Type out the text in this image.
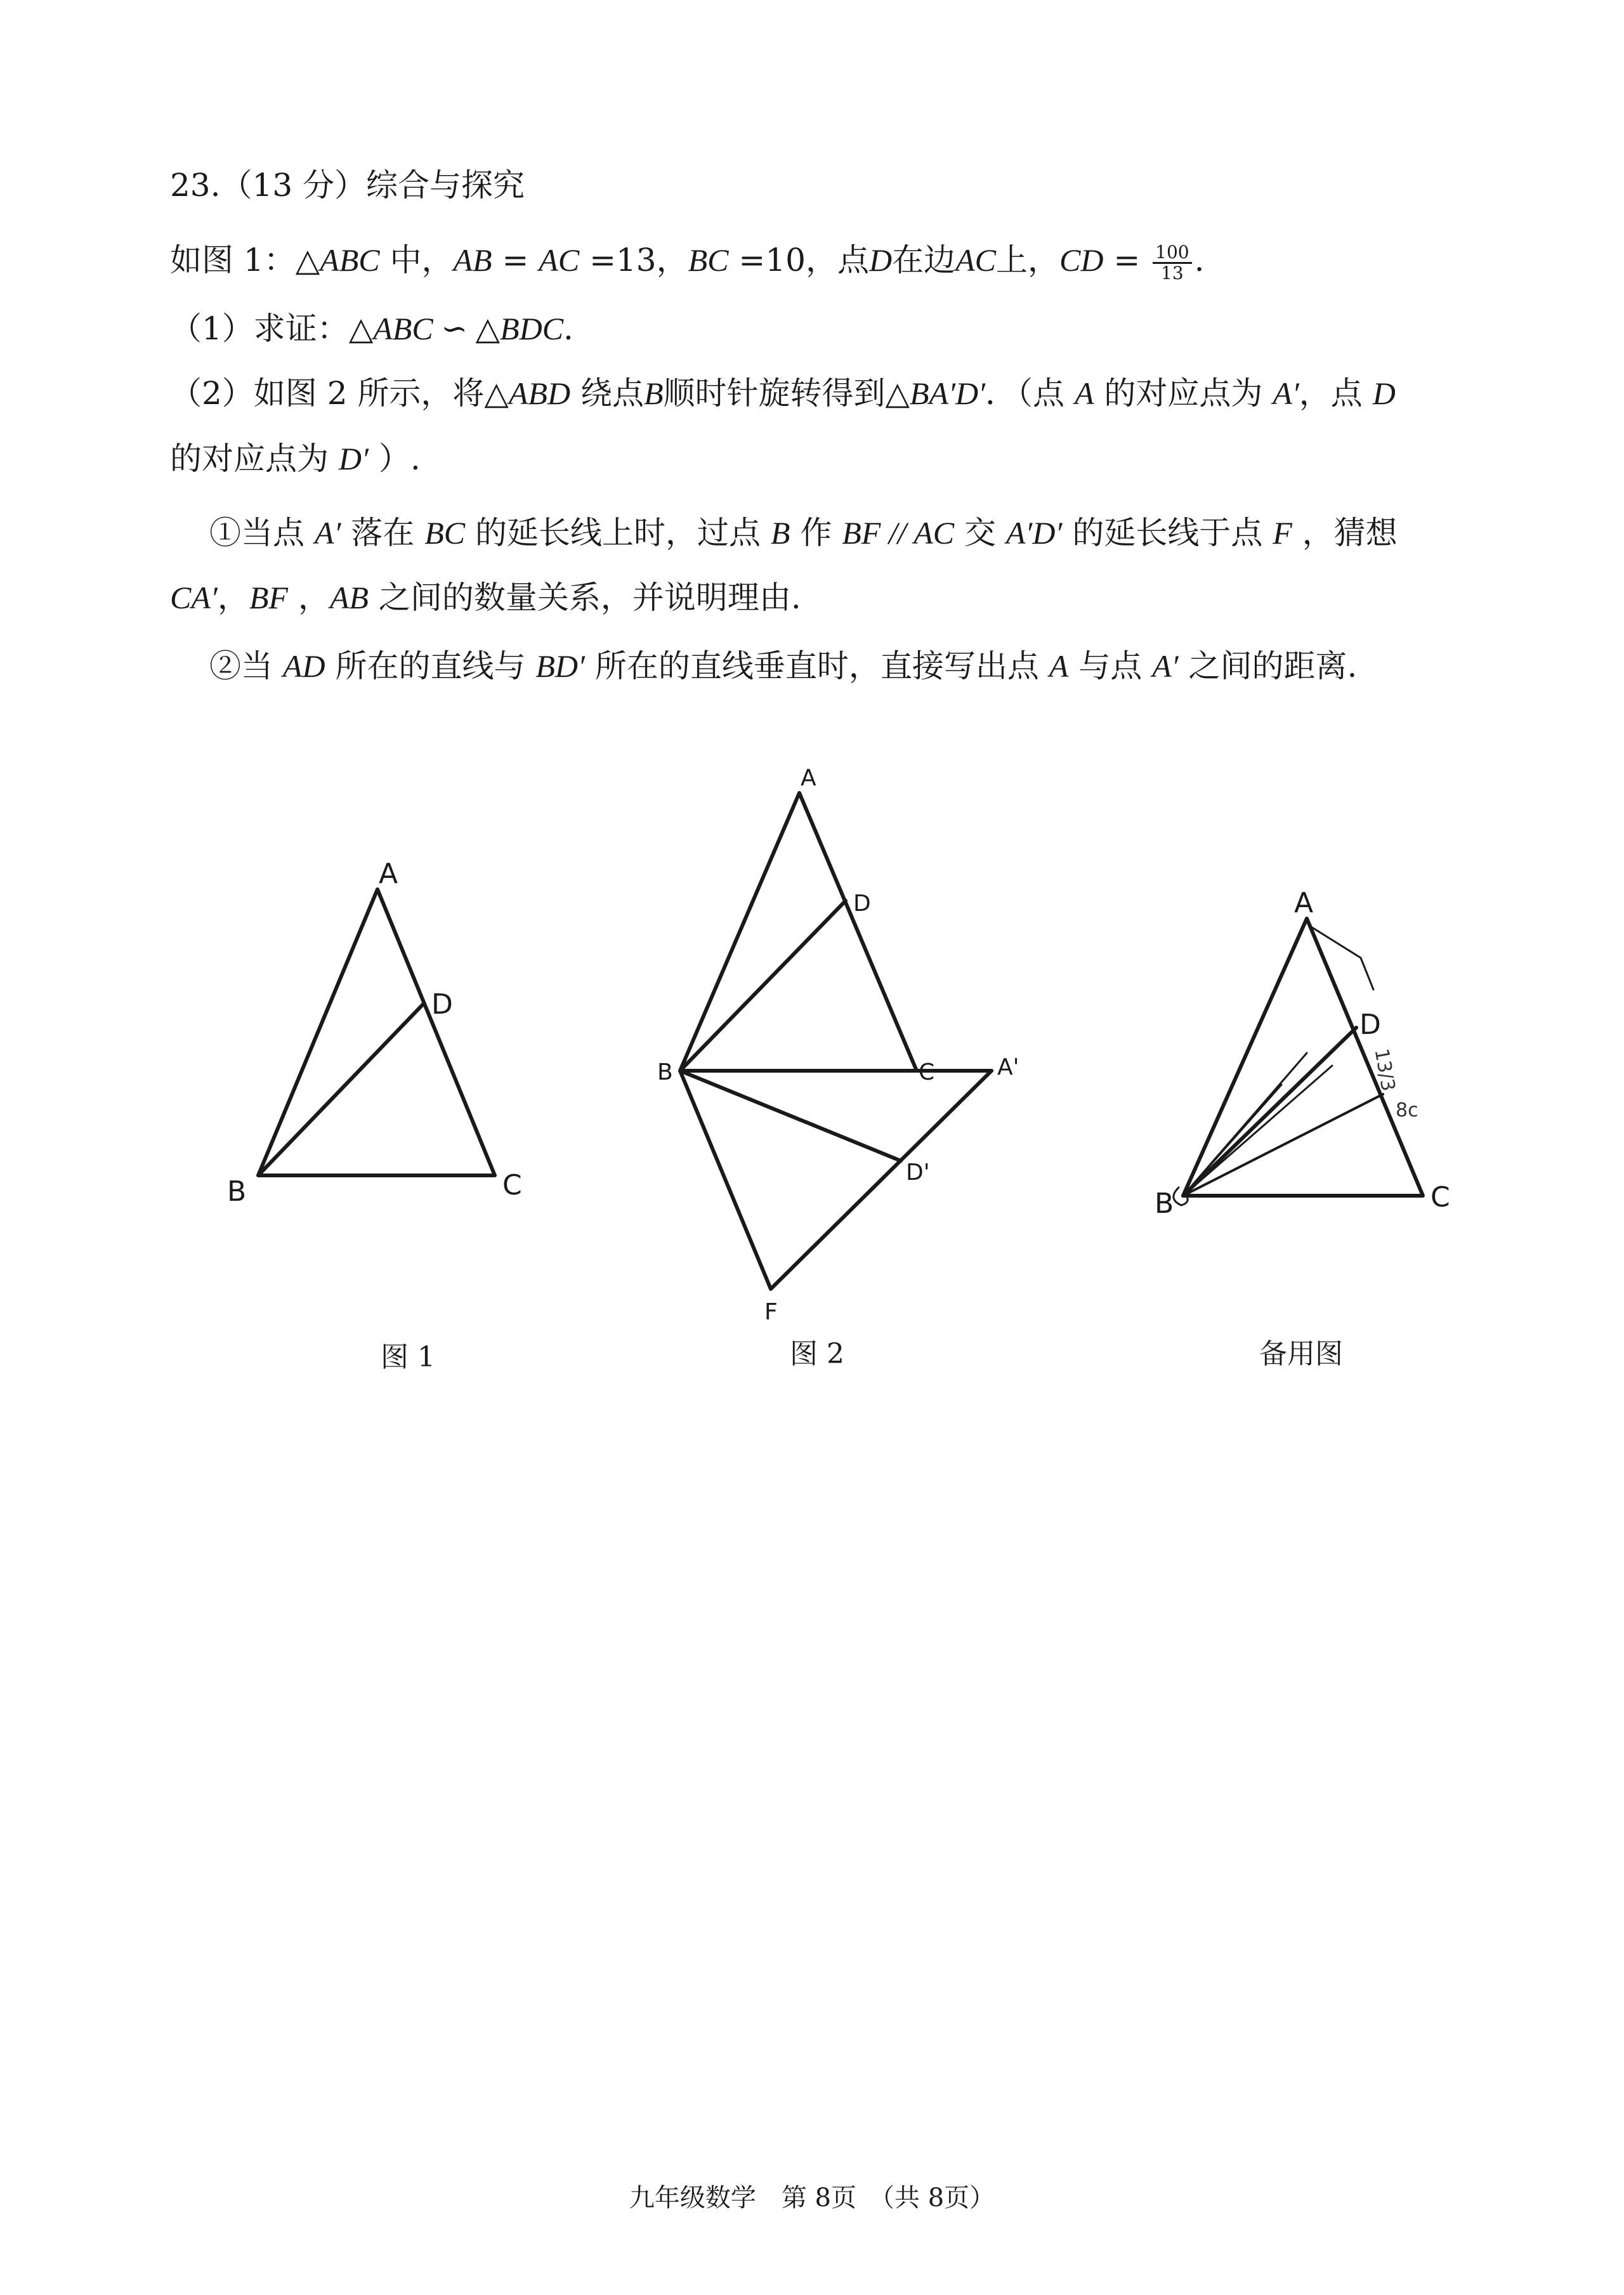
23.（13 分）综合与探究
如图 1：△ABC 中，AB = AC =13，BC =10，点D在边AC上，CD = $\frac{100}{13}$ .
（1）求证：△ABC ∽ △BDC.
（2）如图 2 所示，将△ABD 绕点B顺时针旋转得到△BA′D′．（点 A 的对应点为 A′，点 D
的对应点为 D′ ）.
①当点 A′ 落在 BC 的延长线上时，过点 B 作 BF // AC 交 A′D′ 的延长线于点 F ，猜想
CA′，BF ，AB 之间的数量关系，并说明理由.
②当 AD 所在的直线与 BD′ 所在的直线垂直时，直接写出点 A 与点 A′ 之间的距离.
A
D
B	C
A
D
B	C	A'
D'
F
A
D
B	C
13/3
8c
图 1	图 2	备用图
九年级数学　第 8页　（共 8页）
